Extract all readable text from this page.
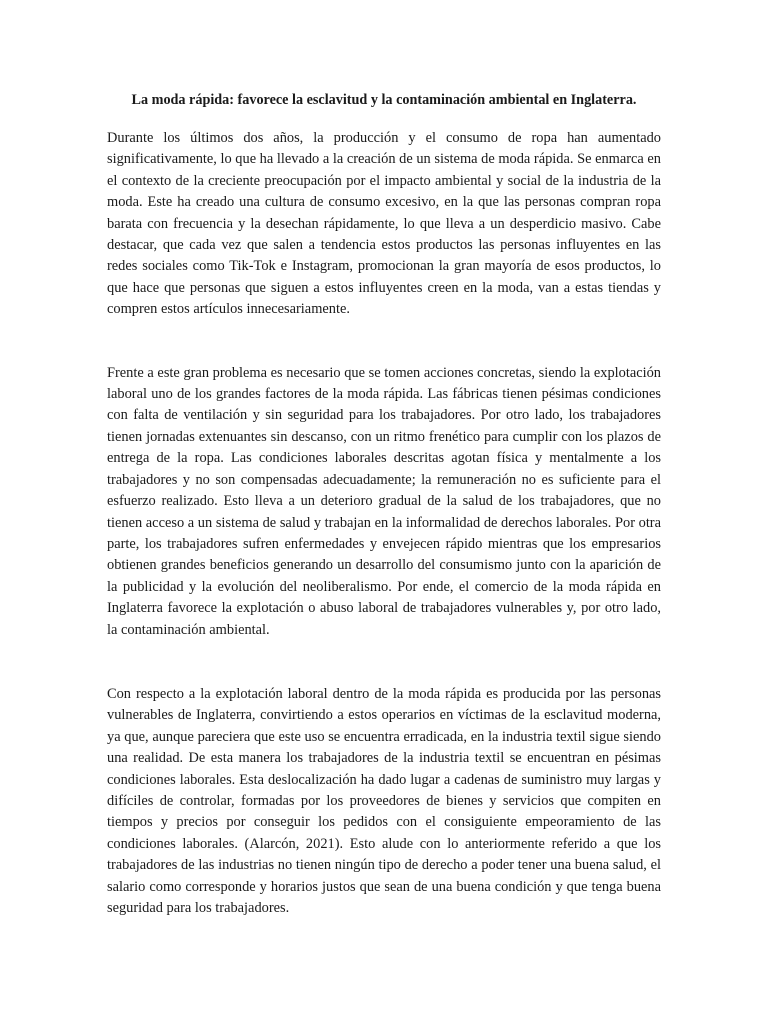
La moda rápida: favorece la esclavitud y la contaminación ambiental en Inglaterra.

Durante los últimos dos años, la producción y el consumo de ropa han aumentado significativamente, lo que ha llevado a la creación de un sistema de moda rápida. Se enmarca en el contexto de la creciente preocupación por el impacto ambiental y social de la industria de la moda. Este ha creado una cultura de consumo excesivo, en la que las personas compran ropa barata con frecuencia y la desechan rápidamente, lo que lleva a un desperdicio masivo. Cabe destacar, que cada vez que salen a tendencia estos productos las personas influyentes en las redes sociales como Tik-Tok e Instagram, promocionan la gran mayoría de esos productos, lo que hace que personas que siguen a estos influyentes creen en la moda, van a estas tiendas y compren estos artículos innecesariamente.

Frente a este gran problema es necesario que se tomen acciones concretas, siendo la explotación laboral uno de los grandes factores de la moda rápida. Las fábricas tienen pésimas condiciones con falta de ventilación y sin seguridad para los trabajadores. Por otro lado, los trabajadores tienen jornadas extenuantes sin descanso, con un ritmo frenético para cumplir con los plazos de entrega de la ropa. Las condiciones laborales descritas agotan física y mentalmente a los trabajadores y no son compensadas adecuadamente; la remuneración no es suficiente para el esfuerzo realizado. Esto lleva a un deterioro gradual de la salud de los trabajadores, que no tienen acceso a un sistema de salud y trabajan en la informalidad de derechos laborales. Por otra parte, los trabajadores sufren enfermedades y envejecen rápido mientras que los empresarios obtienen grandes beneficios generando un desarrollo del consumismo junto con la aparición de la publicidad y la evolución del neoliberalismo. Por ende, el comercio de la moda rápida en Inglaterra favorece la explotación o abuso laboral de trabajadores vulnerables y, por otro lado, la contaminación ambiental.

Con respecto a la explotación laboral dentro de la moda rápida es producida por las personas vulnerables de Inglaterra, convirtiendo a estos operarios en víctimas de la esclavitud moderna, ya que, aunque pareciera que este uso se encuentra erradicada, en la industria textil sigue siendo una realidad. De esta manera los trabajadores de la industria textil se encuentran en pésimas condiciones laborales. Esta deslocalización ha dado lugar a cadenas de suministro muy largas y difíciles de controlar, formadas por los proveedores de bienes y servicios que compiten en tiempos y precios por conseguir los pedidos con el consiguiente empeoramiento de las condiciones laborales. (Alarcón, 2021). Esto alude con lo anteriormente referido a que los trabajadores de las industrias no tienen ningún tipo de derecho a poder tener una buena salud, el salario como corresponde y horarios justos que sean de una buena condición y que tenga buena seguridad para los trabajadores.
